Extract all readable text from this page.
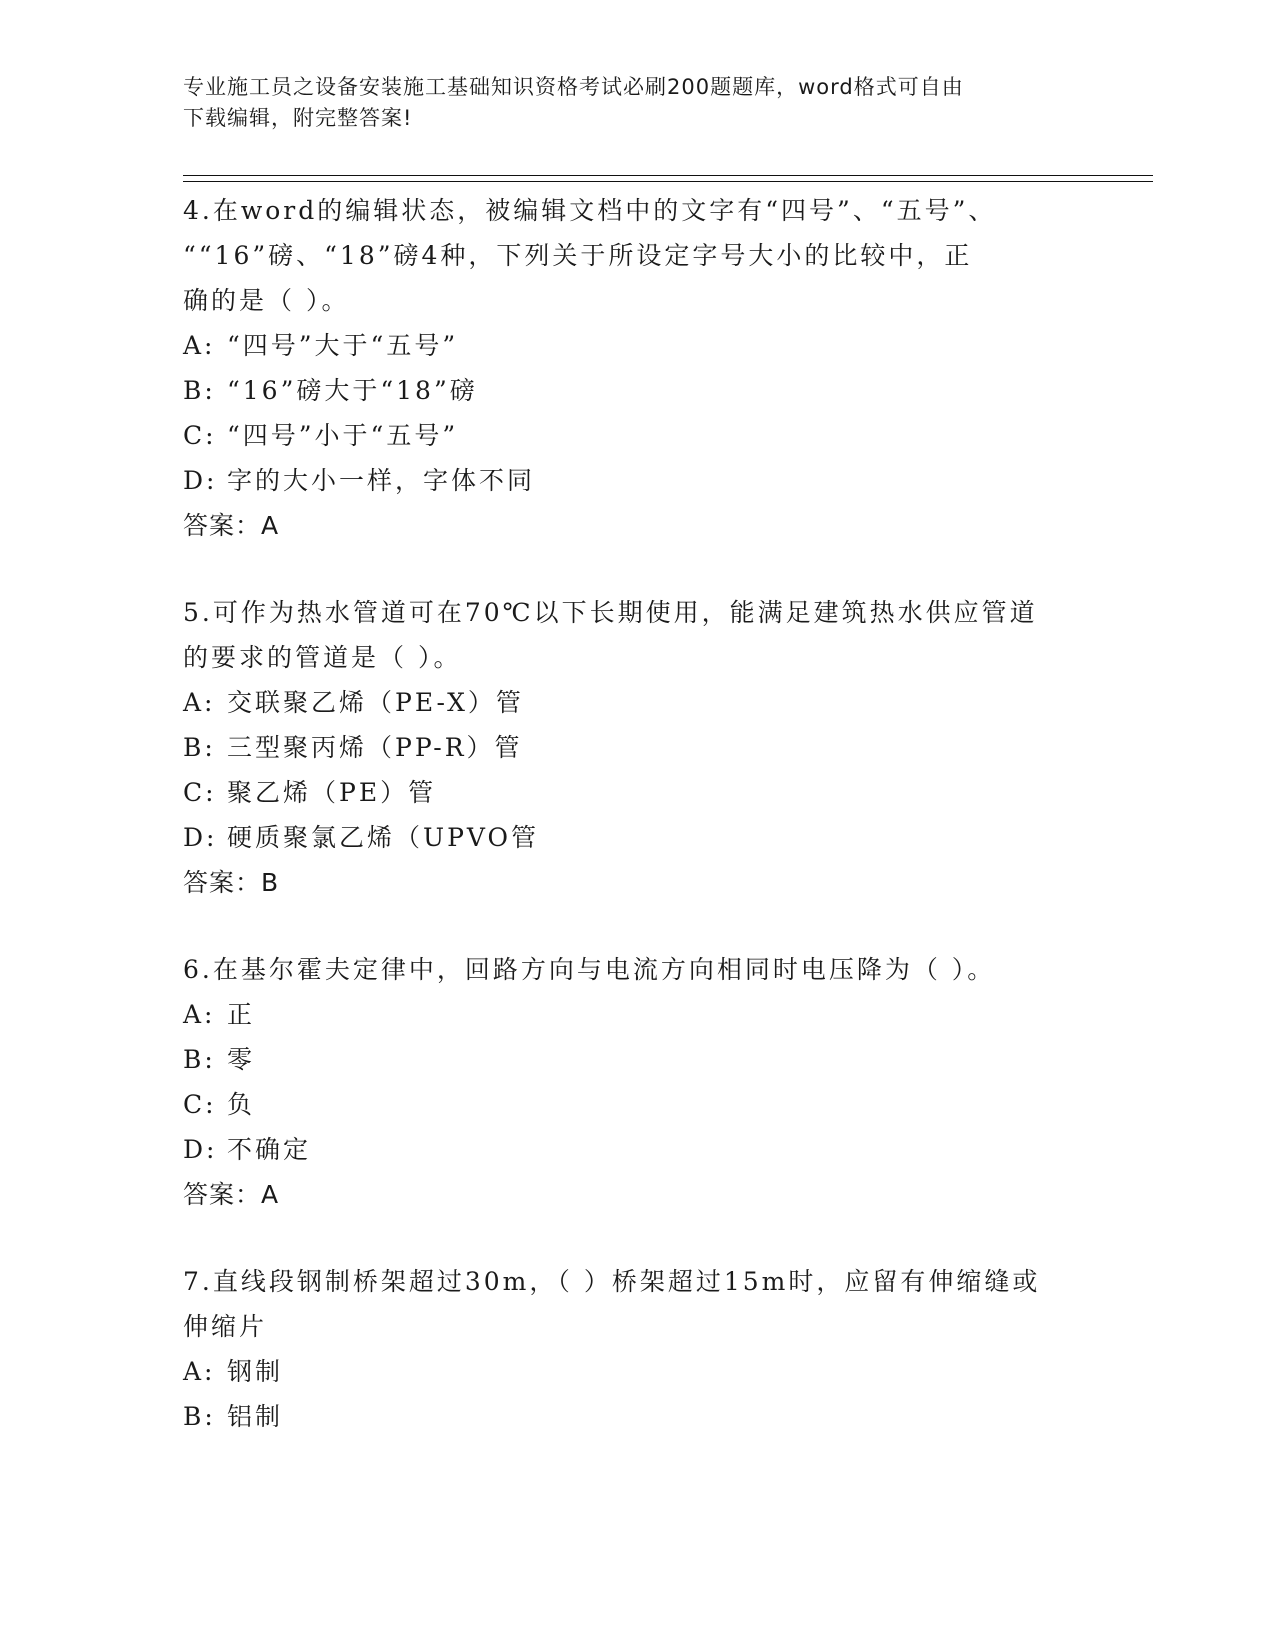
专业施工员之设备安装施工基础知识资格考试必刷200题题库，word格式可自由
下载编辑，附完整答案!

4.在word的编辑状态，被编辑文档中的文字有“四号”、“五号”、

““16”磅、“18”磅4种，下列关于所设定字号大小的比较中，正

确的是（ ）。

A: “四号”大于“五号”

B: “16”磅大于“18”磅

C: “四号”小于“五号”

D: 字的大小一样，字体不同

答案：A

5.可作为热水管道可在70℃以下长期使用，能满足建筑热水供应管道

的要求的管道是（ ）。

A: 交联聚乙烯（PE-X）管

B: 三型聚丙烯（PP-R）管

C: 聚乙烯（PE）管

D: 硬质聚氯乙烯（UPVO管

答案：B

6.在基尔霍夫定律中，回路方向与电流方向相同时电压降为（ ）。

A: 正

B: 零

C: 负

D: 不确定

答案：A

7.直线段钢制桥架超过30m，（ ）桥架超过15m时，应留有伸缩缝或

伸缩片

A: 钢制

B: 铝制
